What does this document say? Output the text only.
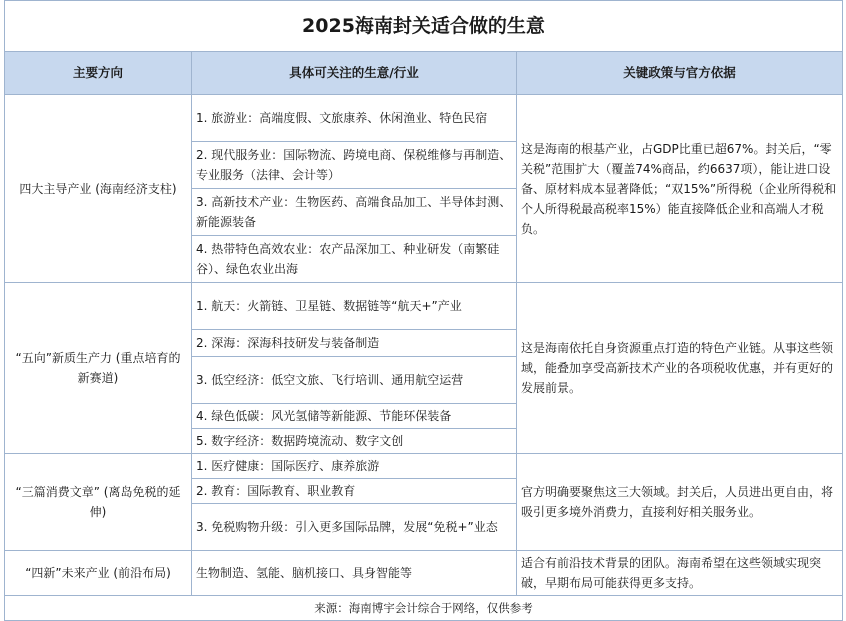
2025海南封关适合做的生意		
主要方向	具体可关注的生意/行业	关键政策与官方依据
四大主导产业 (海南经济支柱)	1. 旅游业：高端度假、文旅康养、休闲渔业、特色民宿	这是海南的根基产业，占GDP比重已超67%。封关后，“零关税”范围扩大（覆盖74%商品，约6637项），能让进口设备、原材料成本显著降低；“双15%”所得税（企业所得税和个人所得税最高税率15%）能直接降低企业和高端人才税负。
	2. 现代服务业：国际物流、跨境电商、保税维修与再制造、专业服务（法律、会计等）	
	3. 高新技术产业：生物医药、高端食品加工、半导体封测、新能源装备	
	4. 热带特色高效农业：农产品深加工、种业研发（南繁硅谷）、绿色农业出海	
“五向”新质生产力 (重点培育的新赛道)	1. 航天：火箭链、卫星链、数据链等“航天+”产业	这是海南依托自身资源重点打造的特色产业链。从事这些领域，能叠加享受高新技术产业的各项税收优惠，并有更好的发展前景。
	2. 深海：深海科技研发与装备制造	
	3. 低空经济：低空文旅、飞行培训、通用航空运营	
	4. 绿色低碳：风光氢储等新能源、节能环保装备	
	5. 数字经济：数据跨境流动、数字文创	
“三篇消费文章” (离岛免税的延伸)	1. 医疗健康：国际医疗、康养旅游	官方明确要聚焦这三大领域。封关后，人员进出更自由，将吸引更多境外消费力，直接利好相关服务业。
	2. 教育：国际教育、职业教育	
	3. 免税购物升级：引入更多国际品牌，发展“免税+”业态	
“四新”未来产业 (前沿布局)	生物制造、氢能、脑机接口、具身智能等	适合有前沿技术背景的团队。海南希望在这些领域实现突破，早期布局可能获得更多支持。
来源：海南博宇会计综合于网络，仅供参考		
